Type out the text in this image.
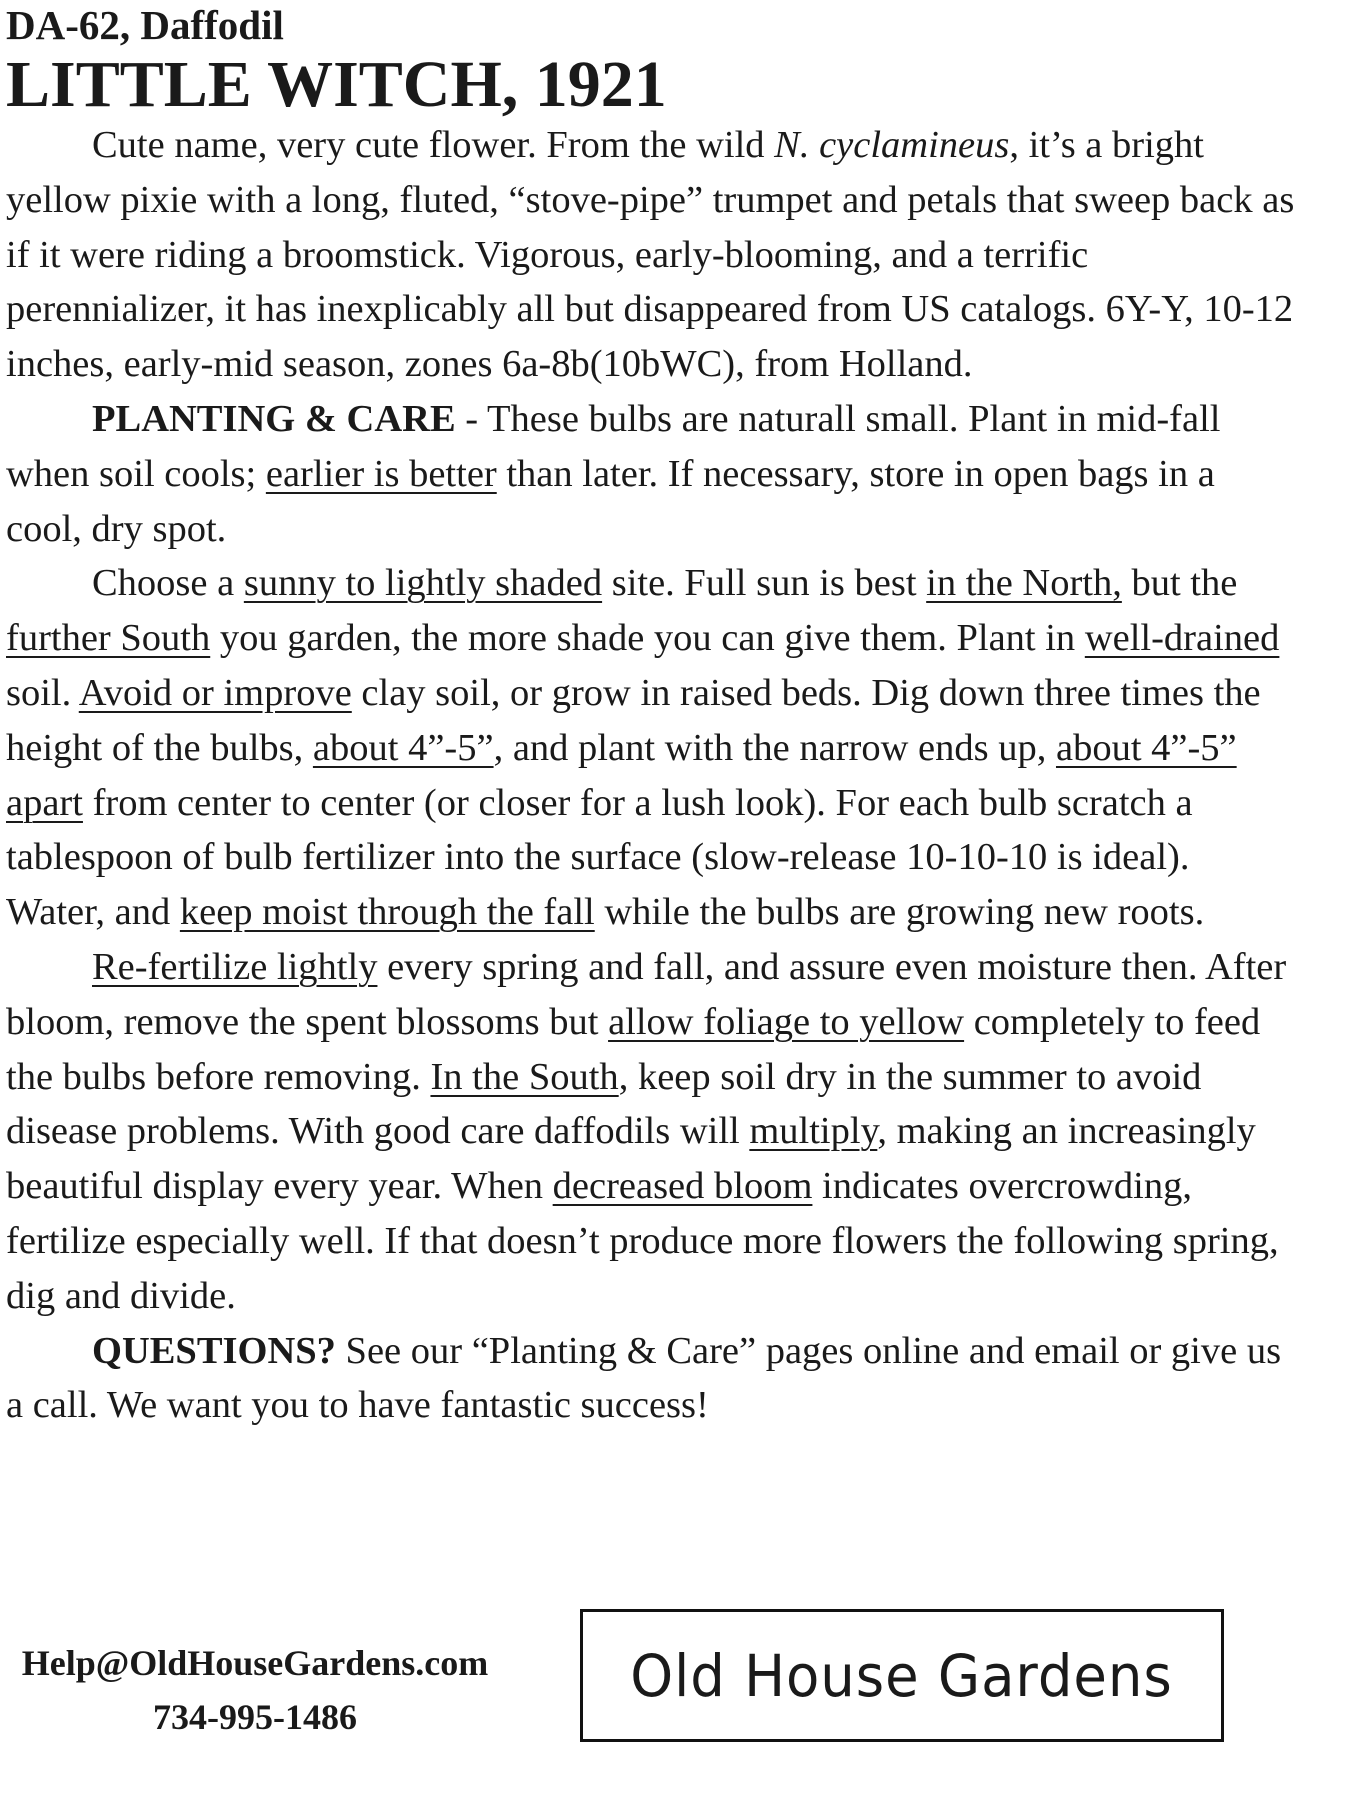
DA-62, Daffodil
LITTLE WITCH, 1921

Cute name, very cute flower. From the wild N. cyclamineus, it’s a bright yellow pixie with a long, fluted, “stove-pipe” trumpet and petals that sweep back as if it were riding a broomstick. Vigorous, early-blooming, and a terrific perennializer, it has inexplicably all but disappeared from US catalogs. 6Y-Y, 10-12 inches, early-mid season, zones 6a-8b(10bWC), from Holland.

PLANTING & CARE - These bulbs are naturall small. Plant in mid-fall when soil cools; earlier is better than later. If necessary, store in open bags in a cool, dry spot.

Choose a sunny to lightly shaded site. Full sun is best in the North, but the further South you garden, the more shade you can give them. Plant in well-drained soil. Avoid or improve clay soil, or grow in raised beds. Dig down three times the height of the bulbs, about 4”-5”, and plant with the narrow ends up, about 4”-5” apart from center to center (or closer for a lush look). For each bulb scratch a tablespoon of bulb fertilizer into the surface (slow-release 10-10-10 is ideal). Water, and keep moist through the fall while the bulbs are growing new roots.

Re-fertilize lightly every spring and fall, and assure even moisture then. After bloom, remove the spent blossoms but allow foliage to yellow completely to feed the bulbs before removing. In the South, keep soil dry in the summer to avoid disease problems. With good care daffodils will multiply, making an increasingly beautiful display every year. When decreased bloom indicates overcrowding, fertilize especially well. If that doesn’t produce more flowers the following spring, dig and divide.

QUESTIONS? See our “Planting & Care” pages online and email or give us a call. We want you to have fantastic success!

Help@OldHouseGardens.com
734-995-1486
Old House Gardens
